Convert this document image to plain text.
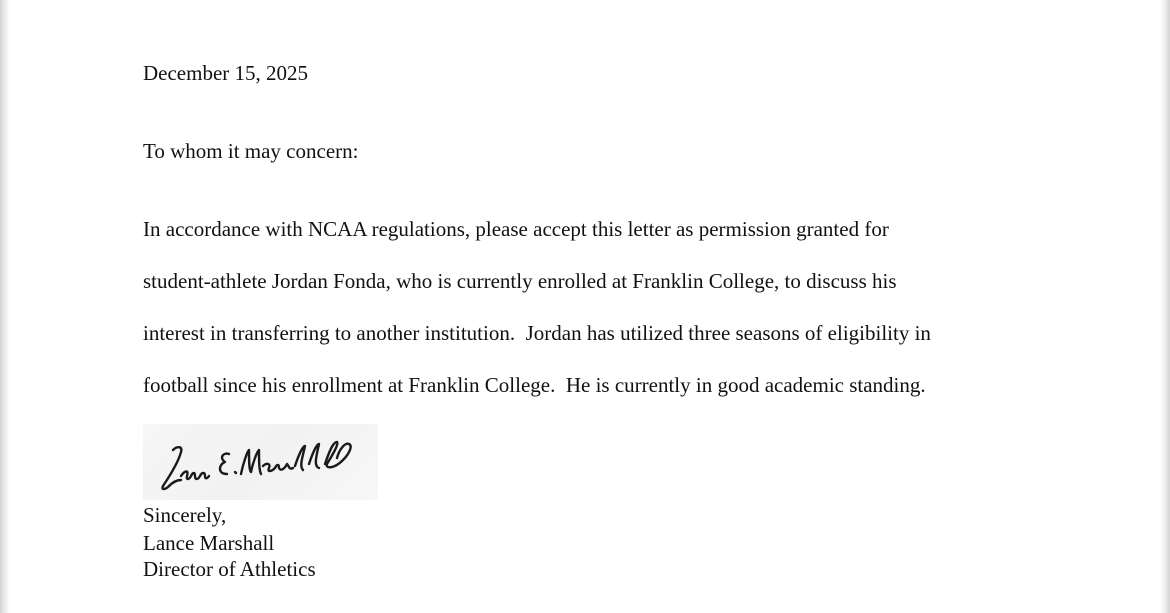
December 15, 2025

To whom it may concern:

In accordance with NCAA regulations, please accept this letter as permission granted for

student-athlete Jordan Fonda, who is currently enrolled at Franklin College, to discuss his

interest in transferring to another institution.  Jordan has utilized three seasons of eligibility in

football since his enrollment at Franklin College.  He is currently in good academic standing.

Sincerely,

Lance Marshall
Director of Athletics
